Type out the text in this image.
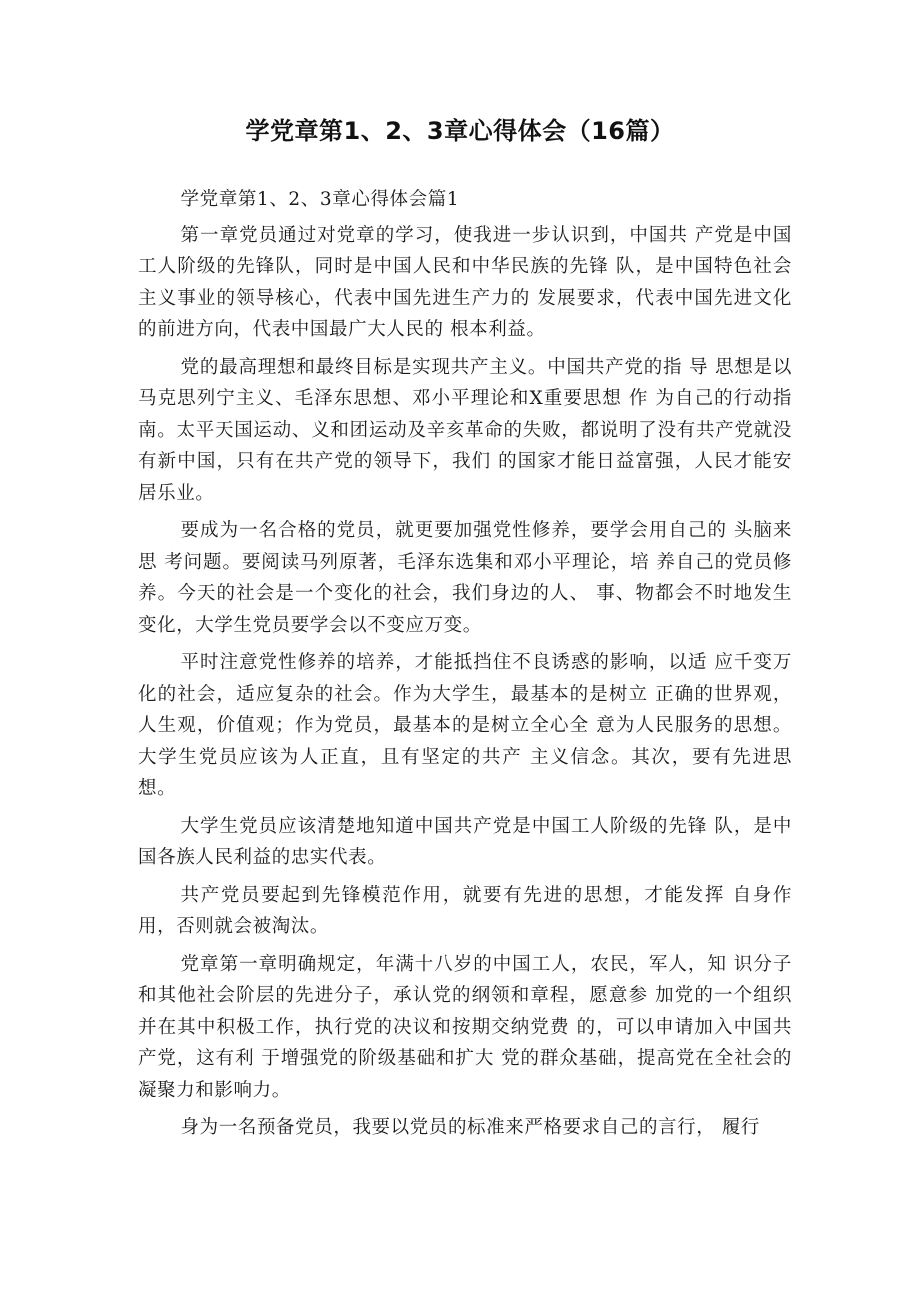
学党章第1、2、3章心得体会（16篇）

学党章第1、2、3章心得体会篇1

第一章党员通过对党章的学习，使我进一步认识到，中国共 产党是中国工人阶级的先锋队，同时是中国人民和中华民族的先锋 队，是中国特色社会主义事业的领导核心，代表中国先进生产力的 发展要求，代表中国先进文化的前进方向，代表中国最广大人民的 根本利益。

党的最高理想和最终目标是实现共产主义。中国共产党的指 导 思想是以马克思列宁主义、毛泽东思想、邓小平理论和X重要思想 作 为自己的行动指南。太平天国运动、义和团运动及辛亥革命的失败，都说明了没有共产党就没有新中国，只有在共产党的领导下，我们 的国家才能日益富强，人民才能安居乐业。

要成为一名合格的党员，就更要加强党性修养，要学会用自己的 头脑来思 考问题。要阅读马列原著，毛泽东选集和邓小平理论，培 养自己的党员修养。今天的社会是一个变化的社会，我们身边的人、 事、物都会不时地发生变化，大学生党员要学会以不变应万变。

平时注意党性修养的培养，才能抵挡住不良诱惑的影响，以适 应千变万化的社会，适应复杂的社会。作为大学生，最基本的是树立 正确的世界观，人生观，价值观；作为党员，最基本的是树立全心全 意为人民服务的思想。大学生党员应该为人正直，且有坚定的共产 主义信念。其次，要有先进思想。

大学生党员应该清楚地知道中国共产党是中国工人阶级的先锋 队，是中国各族人民利益的忠实代表。

共产党员要起到先锋模范作用，就要有先进的思想，才能发挥 自身作用，否则就会被淘汰。

党章第一章明确规定，年满十八岁的中国工人，农民，军人，知 识分子和其他社会阶层的先进分子，承认党的纲领和章程，愿意参 加党的一个组织并在其中积极工作，执行党的决议和按期交纳党费 的，可以申请加入中国共产党，这有利 于增强党的阶级基础和扩大 党的群众基础，提高党在全社会的凝聚力和影响力。

身为一名预备党员，我要以党员的标准来严格要求自己的言行， 履行
